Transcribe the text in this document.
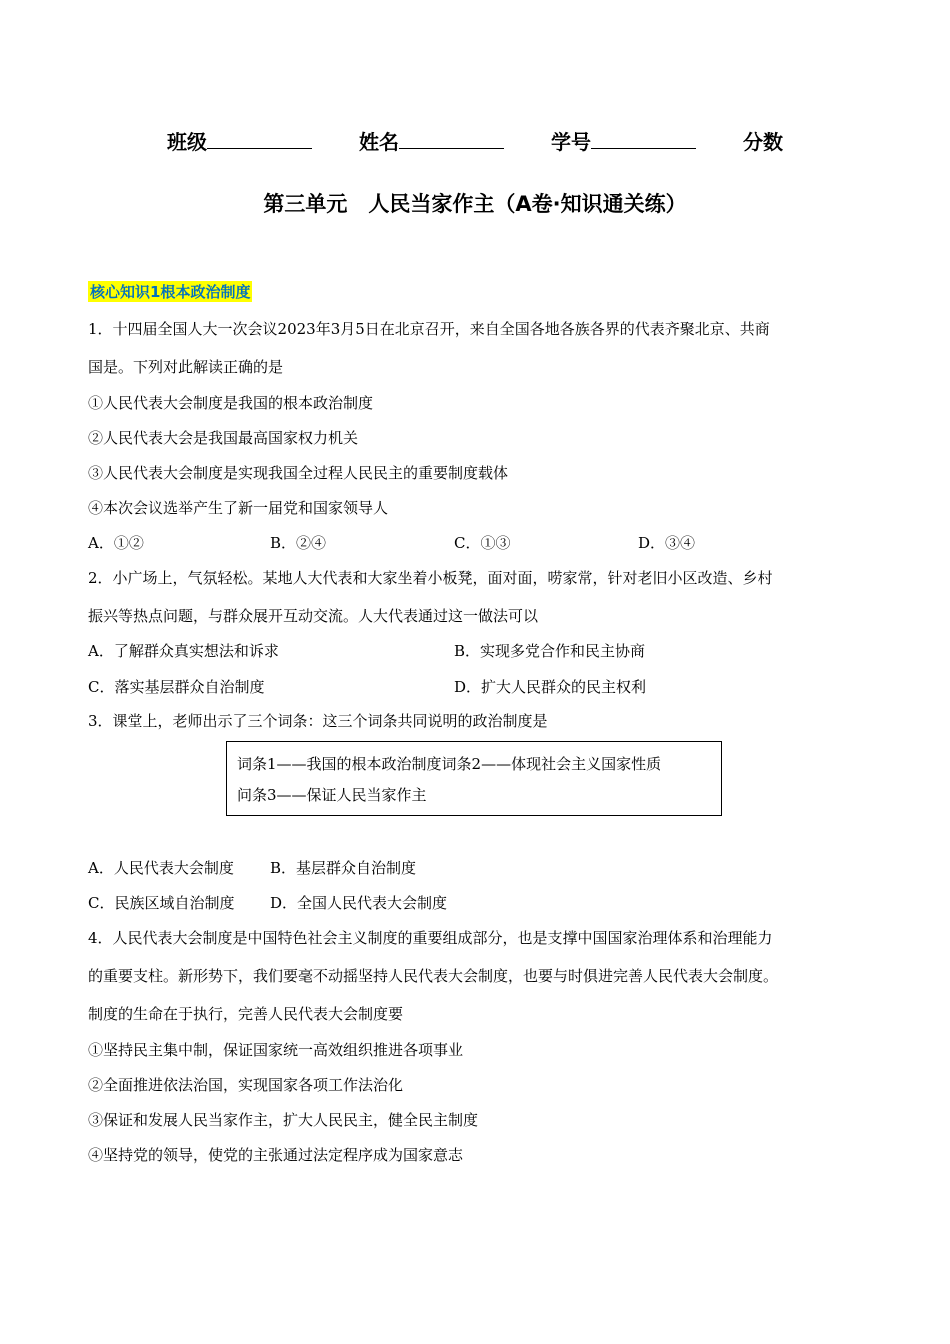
班级	姓名	学号	分数
第三单元　人民当家作主（A卷·知识通关练）
核心知识1根本政治制度
1．十四届全国人大一次会议2023年3月5日在北京召开，来自全国各地各族各界的代表齐聚北京、共商
国是。下列对此解读正确的是
①人民代表大会制度是我国的根本政治制度
②人民代表大会是我国最高国家权力机关
③人民代表大会制度是实现我国全过程人民民主的重要制度载体
④本次会议选举产生了新一届党和国家领导人
A．①②	B．②④	C．①③	D．③④
2．小广场上，气氛轻松。某地人大代表和大家坐着小板凳，面对面，唠家常，针对老旧小区改造、乡村
振兴等热点问题，与群众展开互动交流。人大代表通过这一做法可以
A．了解群众真实想法和诉求	B．实现多党合作和民主协商
C．落实基层群众自治制度	D．扩大人民群众的民主权利
3．课堂上，老师出示了三个词条：这三个词条共同说明的政治制度是
词条1——我国的根本政治制度词条2——体现社会主义国家性质
问条3——保证人民当家作主
A．人民代表大会制度 B．基层群众自治制度
C．民族区域自治制度 D．全国人民代表大会制度
4．人民代表大会制度是中国特色社会主义制度的重要组成部分，也是支撑中国国家治理体系和治理能力
的重要支柱。新形势下，我们要毫不动摇坚持人民代表大会制度，也要与时俱进完善人民代表大会制度。
制度的生命在于执行，完善人民代表大会制度要
①坚持民主集中制，保证国家统一高效组织推进各项事业
②全面推进依法治国，实现国家各项工作法治化
③保证和发展人民当家作主，扩大人民民主，健全民主制度
④坚持党的领导，使党的主张通过法定程序成为国家意志
